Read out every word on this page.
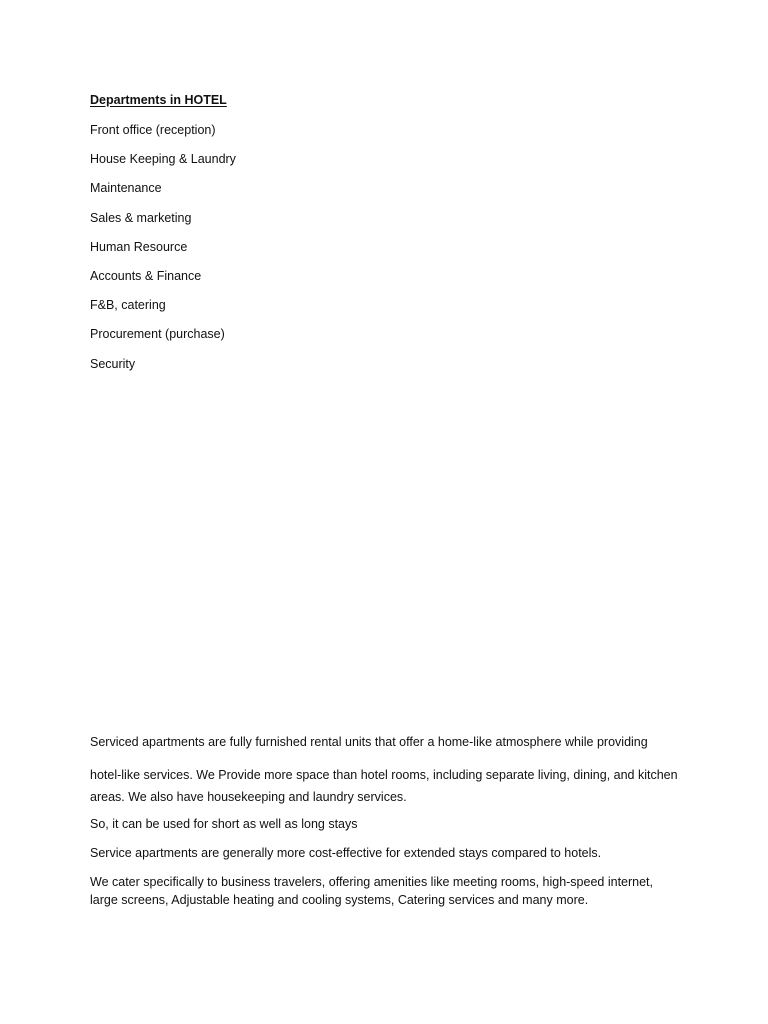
Departments in HOTEL
Front office (reception)
House Keeping & Laundry
Maintenance
Sales & marketing
Human Resource
Accounts & Finance
F&B, catering
Procurement (purchase)
Security

Serviced apartments are fully furnished rental units that offer a home-like atmosphere while providing

hotel-like services. We Provide more space than hotel rooms, including separate living, dining, and kitchen areas. We also have housekeeping and laundry services.

So, it can be used for short as well as long stays

Service apartments are generally more cost-effective for extended stays compared to hotels.

We cater specifically to business travelers, offering amenities like meeting rooms, high-speed internet, large screens, Adjustable heating and cooling systems, Catering services and many more.
